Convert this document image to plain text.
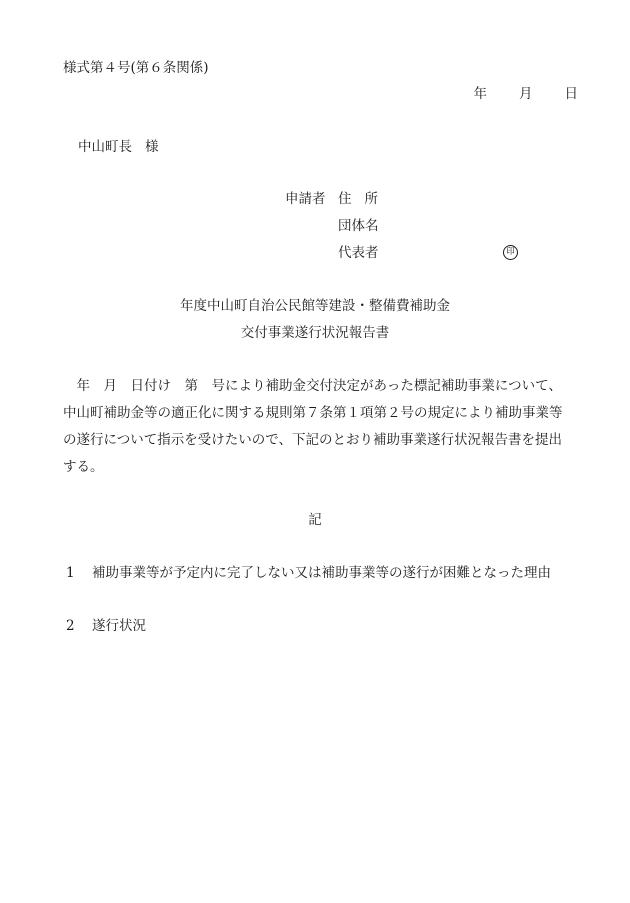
様式第４号(第６条関係)
年 月 日
中山町長 様
申請者 住 所
団体名
代表者	印
年度中山町自治公民館等建設・整備費補助金
交付事業遂行状況報告書
　年　月　日付け　第　号により補助金交付決定があった標記補助事業について、
中山町補助金等の適正化に関する規則第７条第１項第２号の規定により補助事業等
の遂行について指示を受けたいので、下記のとおり補助事業遂行状況報告書を提出
する。
記
1 補助事業等が予定内に完了しない又は補助事業等の遂行が困難となった理由
2 遂行状況
